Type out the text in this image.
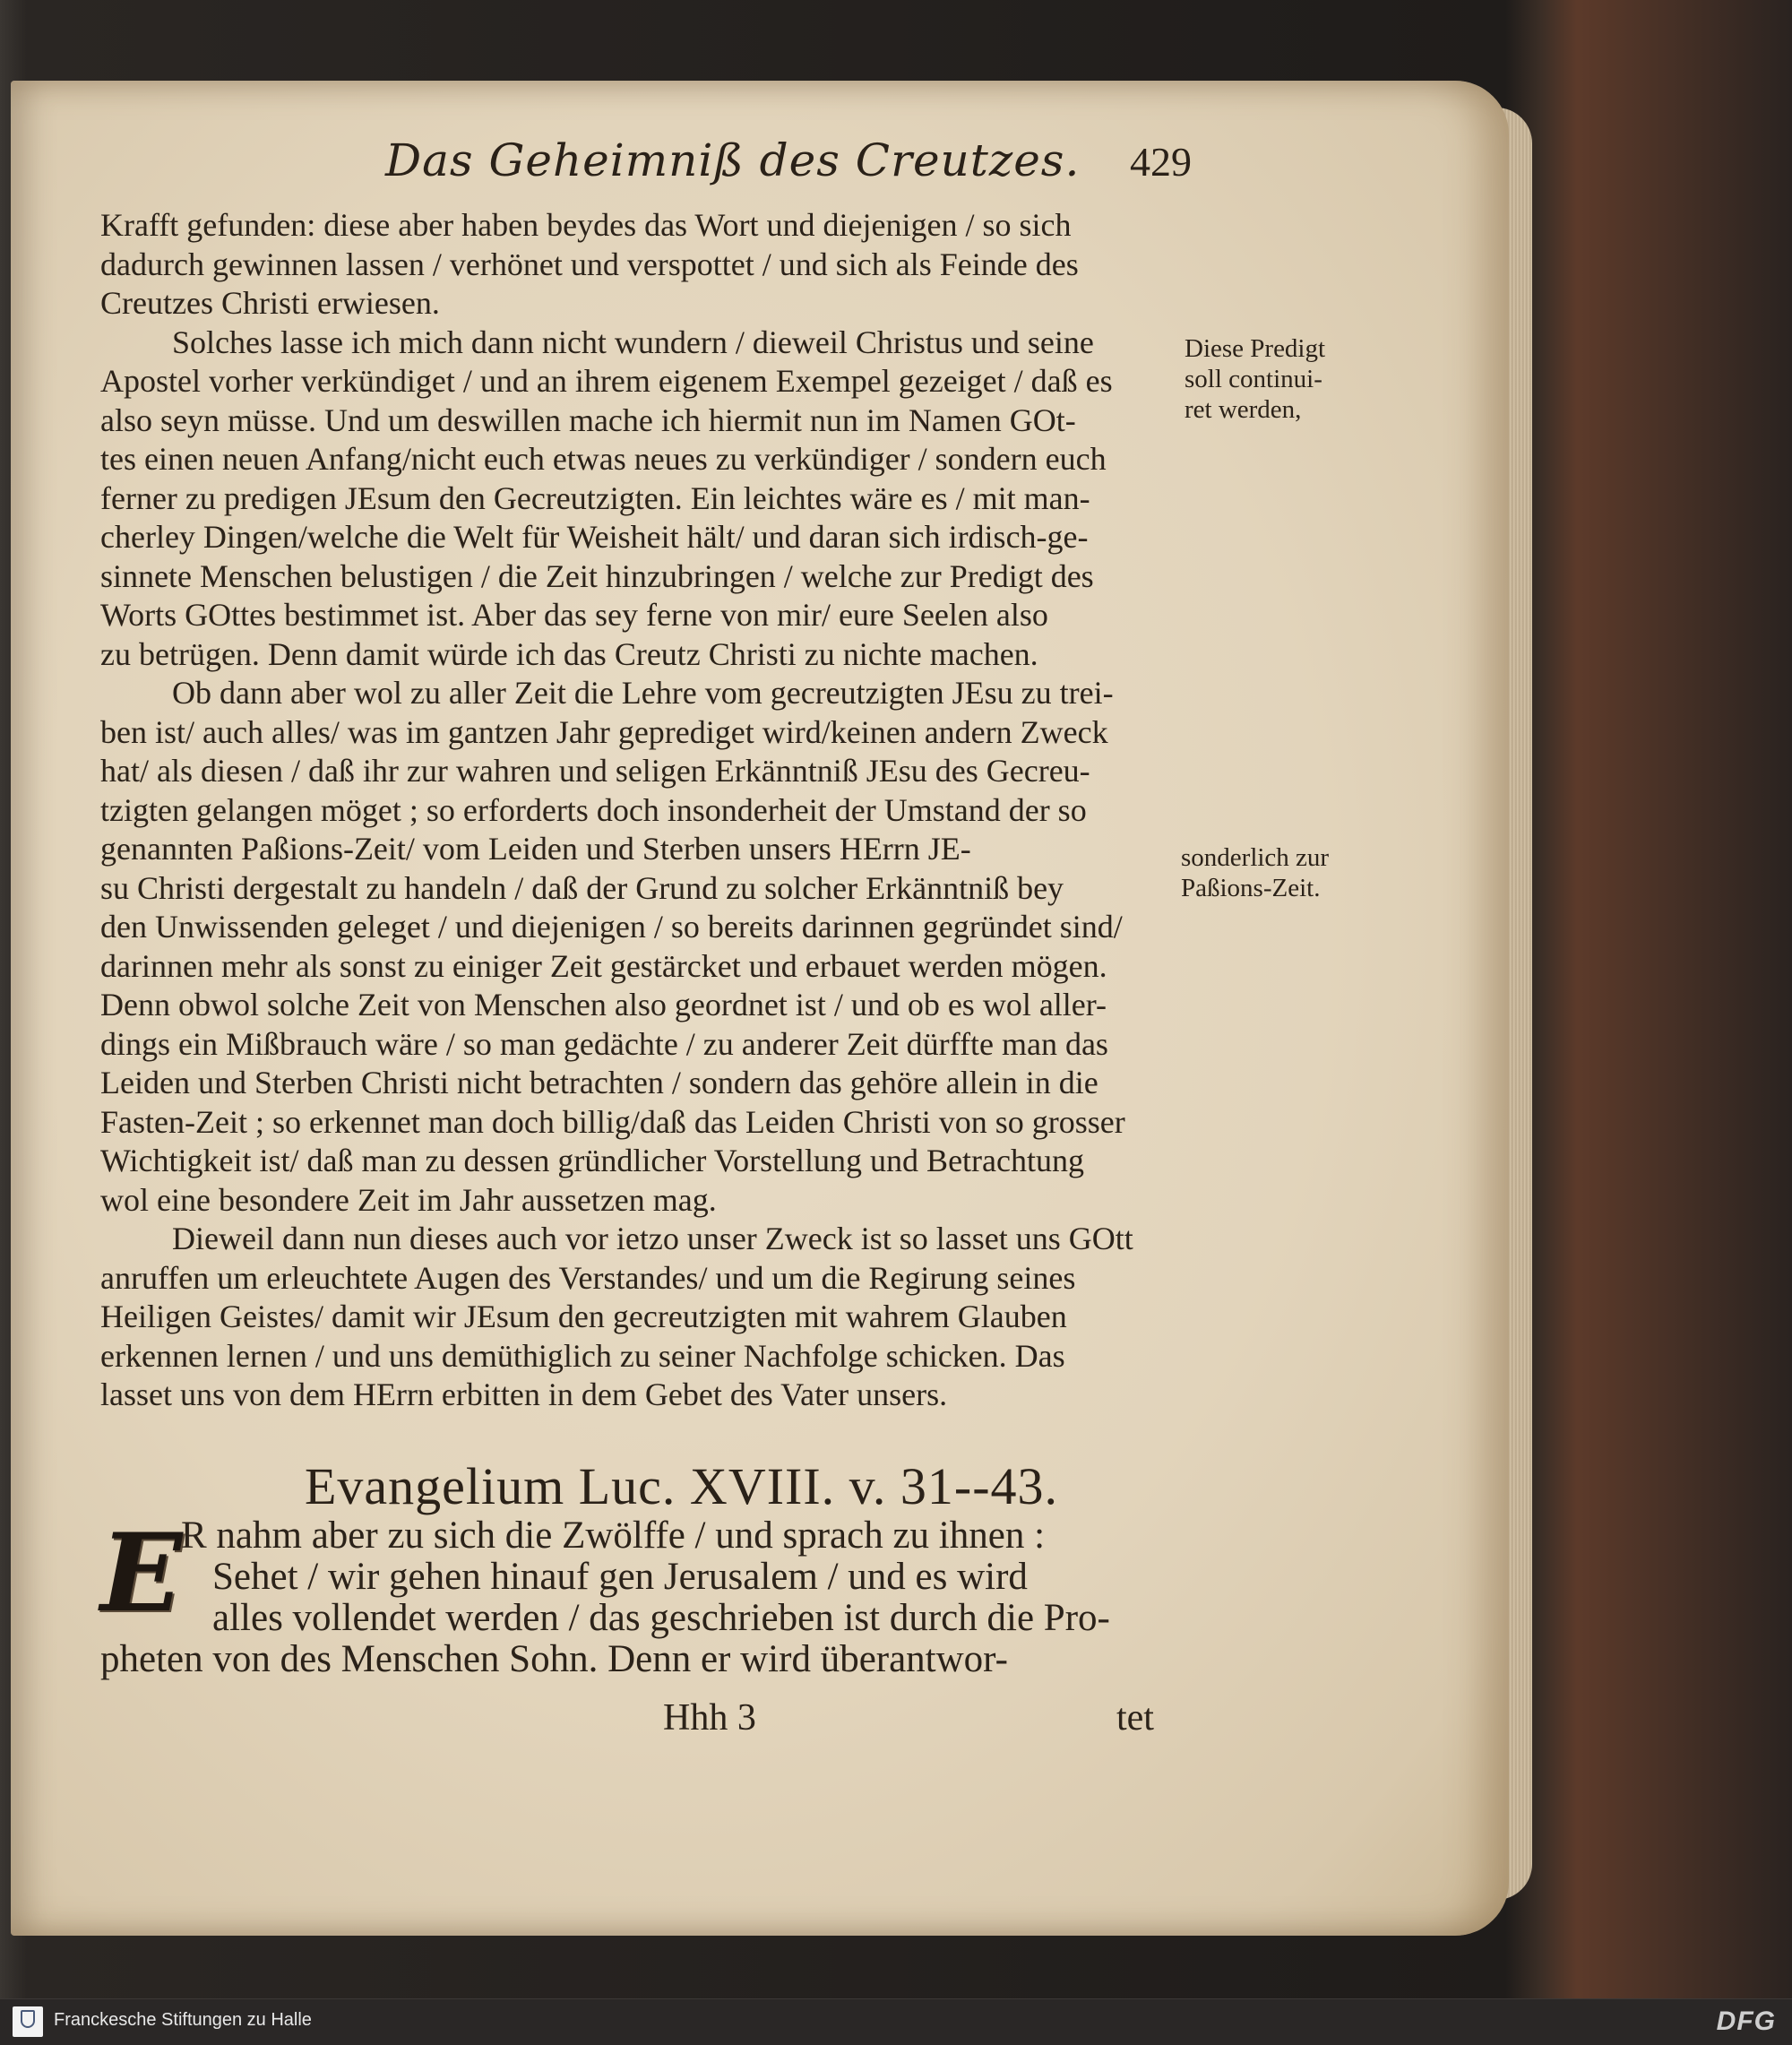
Das Geheimniß des Creutzes. 429
Krafft gefunden: diese aber haben beydes das Wort und diejenigen / so sich
dadurch gewinnen lassen / verhönet und verspottet / und sich als Feinde des
Creutzes Christi erwiesen.
Solches lasse ich mich dann nicht wundern / dieweil Christus und seine
Apostel vorher verkündiget / und an ihrem eigenem Exempel gezeiget / daß es
also seyn müsse. Und um deswillen mache ich hiermit nun im Namen GOt-
tes einen neuen Anfang/nicht euch etwas neues zu verkündiger / sondern euch
ferner zu predigen JEsum den Gecreutzigten. Ein leichtes wäre es / mit man-
cherley Dingen/welche die Welt für Weisheit hält/ und daran sich irdisch-ge-
sinnete Menschen belustigen / die Zeit hinzubringen / welche zur Predigt des
Worts GOttes bestimmet ist. Aber das sey ferne von mir/ eure Seelen also
zu betrügen. Denn damit würde ich das Creutz Christi zu nichte machen.
Ob dann aber wol zu aller Zeit die Lehre vom gecreutzigten JEsu zu trei-
ben ist/ auch alles/ was im gantzen Jahr geprediget wird/keinen andern Zweck
hat/ als diesen / daß ihr zur wahren und seligen Erkänntniß JEsu des Gecreu-
tzigten gelangen möget ; so erforderts doch insonderheit der Umstand der so
genannten Paßions-Zeit/ vom Leiden und Sterben unsers HErrn JE-
su Christi dergestalt zu handeln / daß der Grund zu solcher Erkänntniß bey
den Unwissenden geleget / und diejenigen / so bereits darinnen gegründet sind/
darinnen mehr als sonst zu einiger Zeit gestärcket und erbauet werden mögen.
Denn obwol solche Zeit von Menschen also geordnet ist / und ob es wol aller-
dings ein Mißbrauch wäre / so man gedächte / zu anderer Zeit dürffte man das
Leiden und Sterben Christi nicht betrachten / sondern das gehöre allein in die
Fasten-Zeit ; so erkennet man doch billig/daß das Leiden Christi von so grosser
Wichtigkeit ist/ daß man zu dessen gründlicher Vorstellung und Betrachtung
wol eine besondere Zeit im Jahr aussetzen mag.
Dieweil dann nun dieses auch vor ietzo unser Zweck ist so lasset uns GOtt
anruffen um erleuchtete Augen des Verstandes/ und um die Regirung seines
Heiligen Geistes/ damit wir JEsum den gecreutzigten mit wahrem Glauben
erkennen lernen / und uns demüthiglich zu seiner Nachfolge schicken. Das
lasset uns von dem HErrn erbitten in dem Gebet des Vater unsers.
Diese Predigt
soll continui-
ret werden,
sonderlich zur
Paßions-Zeit.
Evangelium Luc. XVIII. v. 31--43.
E
R nahm aber zu sich die Zwölffe / und sprach zu ihnen :
Sehet / wir gehen hinauf gen Jerusalem / und es wird
alles vollendet werden / das geschrieben ist durch die Pro-
pheten von des Menschen Sohn. Denn er wird überantwor-
Hhh 3	tet
Franckesche Stiftungen zu Halle	DFG
